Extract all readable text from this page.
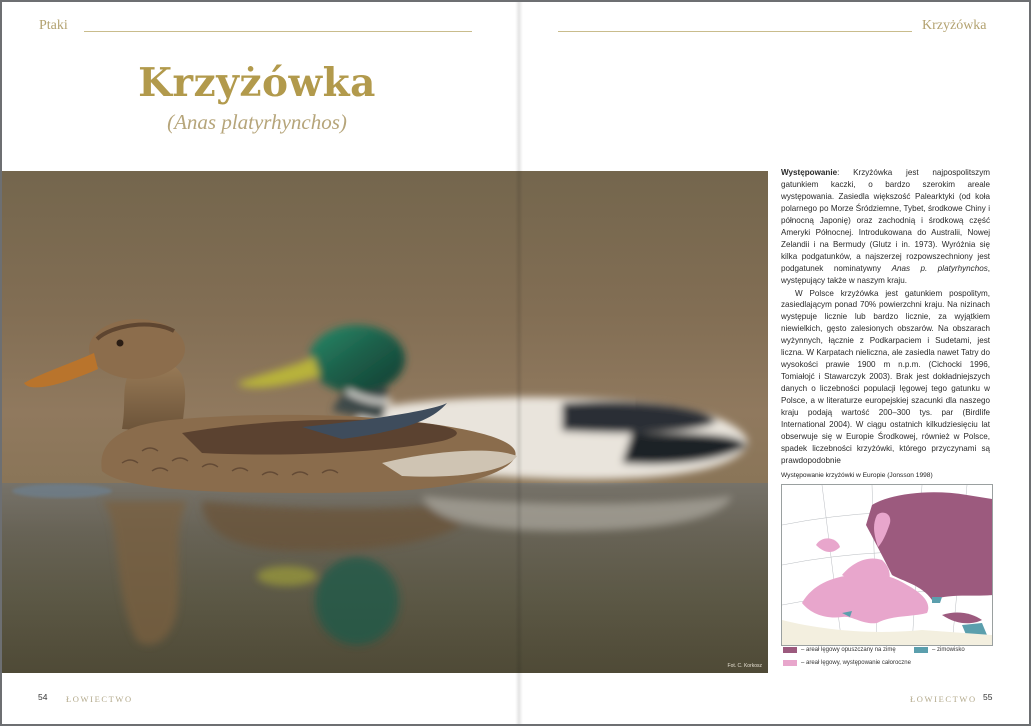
Ptaki
Krzyżówka
(Anas platyrhynchos)
Fot. C. Korkosz
54 ŁOWIECTWO
Krzyżówka

Występowanie: Krzyżówka jest najpospolitszym gatunkiem kaczki, o bardzo szerokim areale występowania. Zasiedla większość Palearktyki (od koła polarnego po Morze Śródziemne, Tybet, środkowe Chiny i północną Japonię) oraz zachodnią i środkową część Ameryki Północnej. Introdukowana do Australii, Nowej Zelandii i na Bermudy (Glutz i in. 1973). Wyróżnia się kilka podgatunków, a najszerzej rozpowszechniony jest podgatunek nominatywny Anas p. platyrhynchos, występujący także w naszym kraju.

W Polsce krzyżówka jest gatunkiem pospolitym, zasiedlającym ponad 70% powierzchni kraju. Na nizinach występuje licznie lub bardzo licznie, za wyjątkiem niewielkich, gęsto zalesionych obszarów. Na obszarach wyżynnych, łącznie z Podkarpaciem i Sudetami, jest liczna. W Karpatach nieliczna, ale zasiedla nawet Tatry do wysokości prawie 1900 m n.p.m. (Cichocki 1996, Tomiałojć i Stawarczyk 2003). Brak jest dokładniejszych danych o liczebności populacji lęgowej tego gatunku w Polsce, a w literaturze europejskiej szacunki dla naszego kraju podają wartość 200–300 tys. par (Birdlife International 2004). W ciągu ostatnich kilkudziesięciu lat obserwuje się w Europie Środkowej, również w Polsce, spadek liczebności krzyżówki, którego przyczynami są prawdopodobnie

Występowanie krzyżówki w Europie (Jonsson 1998)
– areał lęgowy opuszczany na zimę	– zimowisko
– areał lęgowy, występowanie całoroczne
ŁOWIECTWO 55
